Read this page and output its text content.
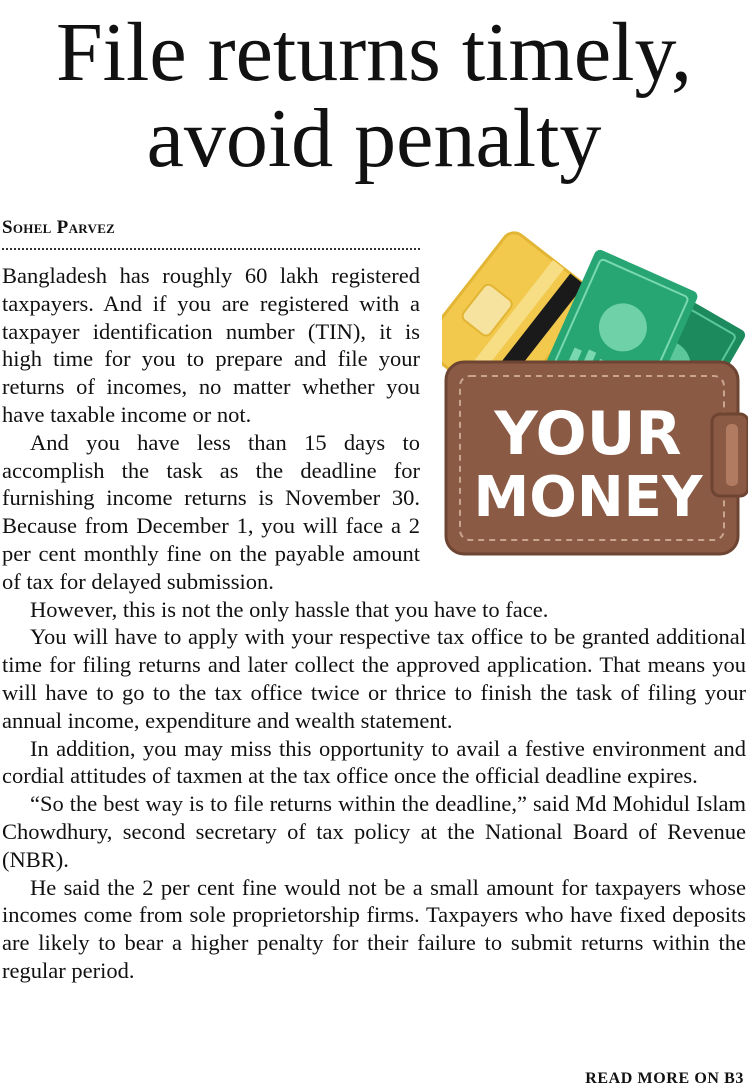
File returns timely,
avoid penalty
Sohel Parvez
YOUR
MONEY

Bangladesh has roughly 60 lakh registered taxpayers. And if you are registered with a taxpayer identification number (TIN), it is high time for you to prepare and file your returns of incomes, no matter whether you have taxable income or not.

And you have less than 15 days to accomplish the task as the deadline for furnishing income returns is November 30. Because from December 1, you will face a 2 per cent monthly fine on the payable amount of tax for delayed submission.

However, this is not the only hassle that you have to face.

You will have to apply with your respective tax office to be granted additional time for filing returns and later collect the approved application. That means you will have to go to the tax office twice or thrice to finish the task of filing your annual income, expenditure and wealth statement.

In addition, you may miss this opportunity to avail a festive environment and cordial attitudes of taxmen at the tax office once the official deadline expires.

“So the best way is to file returns within the deadline,” said Md Mohidul Islam Chowdhury, second secretary of tax policy at the National Board of Revenue (NBR).

He said the 2 per cent fine would not be a small amount for taxpayers whose incomes come from sole proprietorship firms. Taxpayers who have fixed deposits are likely to bear a higher penalty for their failure to submit returns within the regular period.

READ MORE ON B3
